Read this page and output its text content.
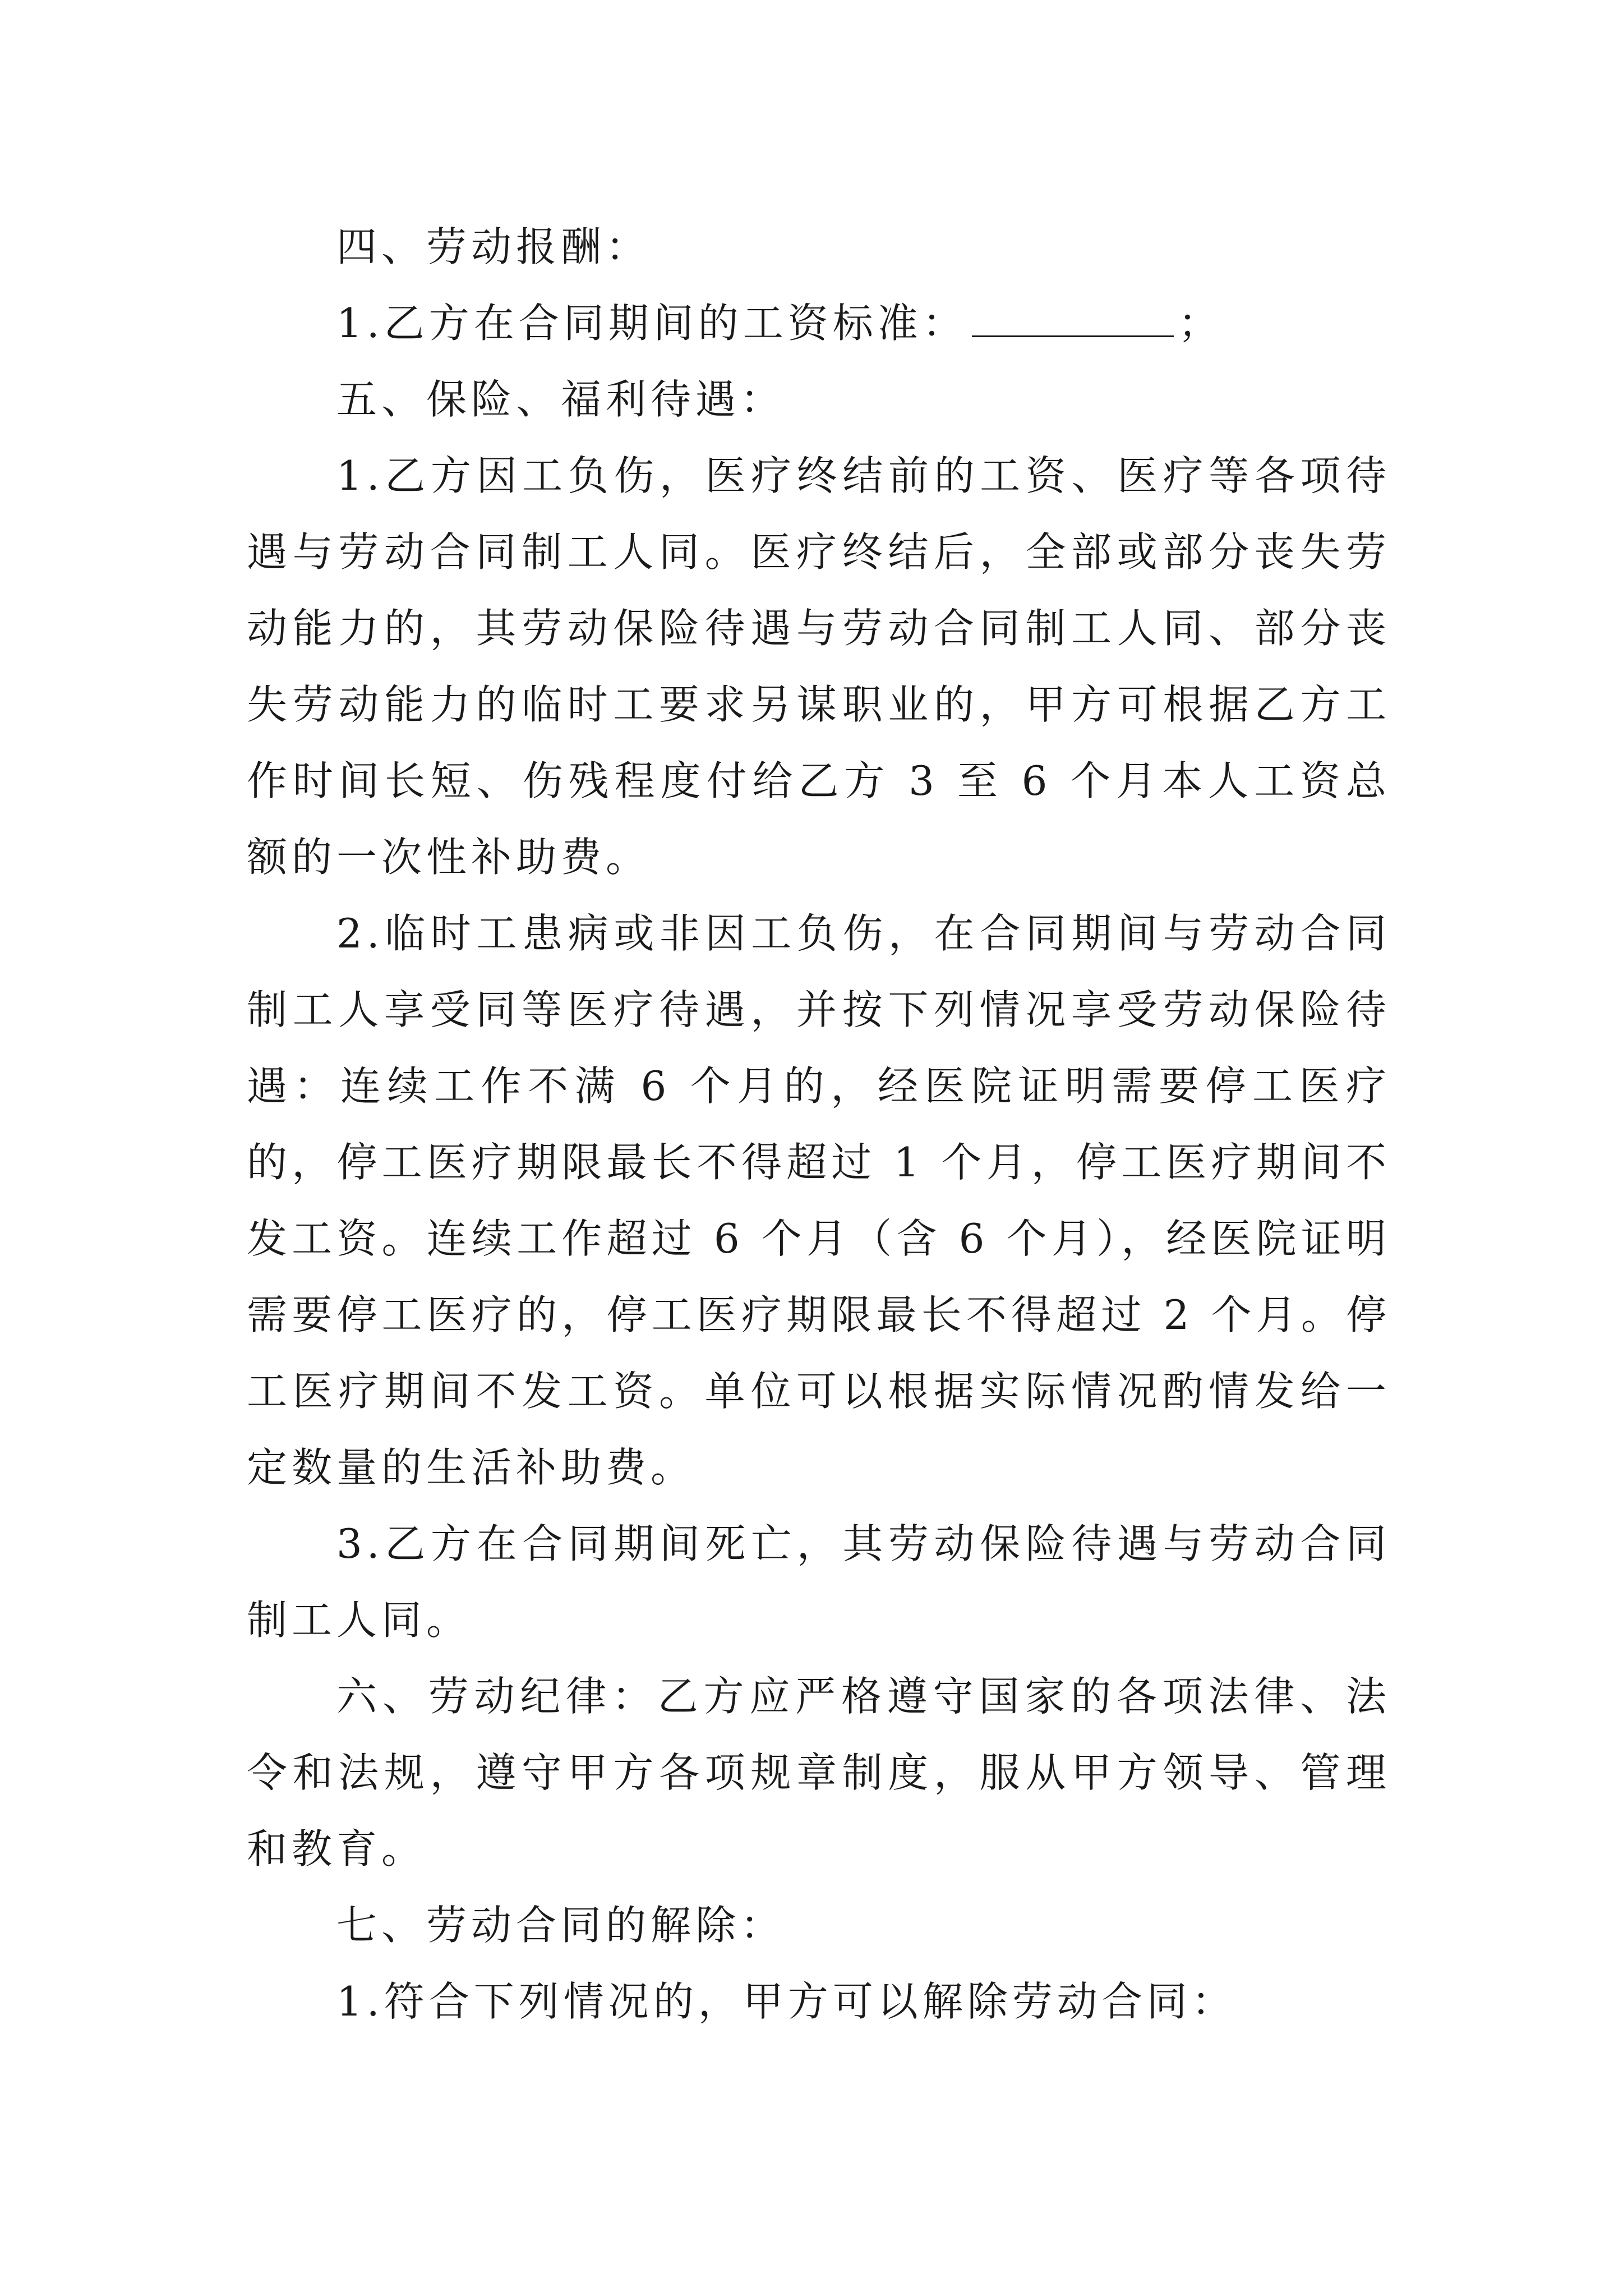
四、劳动报酬：

1.乙方在合同期间的工资标准：	；

五、保险、福利待遇：

1.乙方因工负伤，医疗终结前的工资、医疗等各项待遇与劳动合同制工人同。医疗终结后，全部或部分丧失劳动能力的，其劳动保险待遇与劳动合同制工人同、部分丧失劳动能力的临时工要求另谋职业的，甲方可根据乙方工作时间长短、伤残程度付给乙方 3 至 6 个月本人工资总额的一次性补助费。

2.临时工患病或非因工负伤，在合同期间与劳动合同制工人享受同等医疗待遇，并按下列情况享受劳动保险待遇：连续工作不满 6 个月的，经医院证明需要停工医疗的，停工医疗期限最长不得超过 1 个月，停工医疗期间不发工资。连续工作超过 6 个月（含 6 个月），经医院证明需要停工医疗的，停工医疗期限最长不得超过 2 个月。停工医疗期间不发工资。单位可以根据实际情况酌情发给一定数量的生活补助费。

3.乙方在合同期间死亡，其劳动保险待遇与劳动合同制工人同。

六、劳动纪律：乙方应严格遵守国家的各项法律、法令和法规，遵守甲方各项规章制度，服从甲方领导、管理和教育。

七、劳动合同的解除：

1.符合下列情况的，甲方可以解除劳动合同：
